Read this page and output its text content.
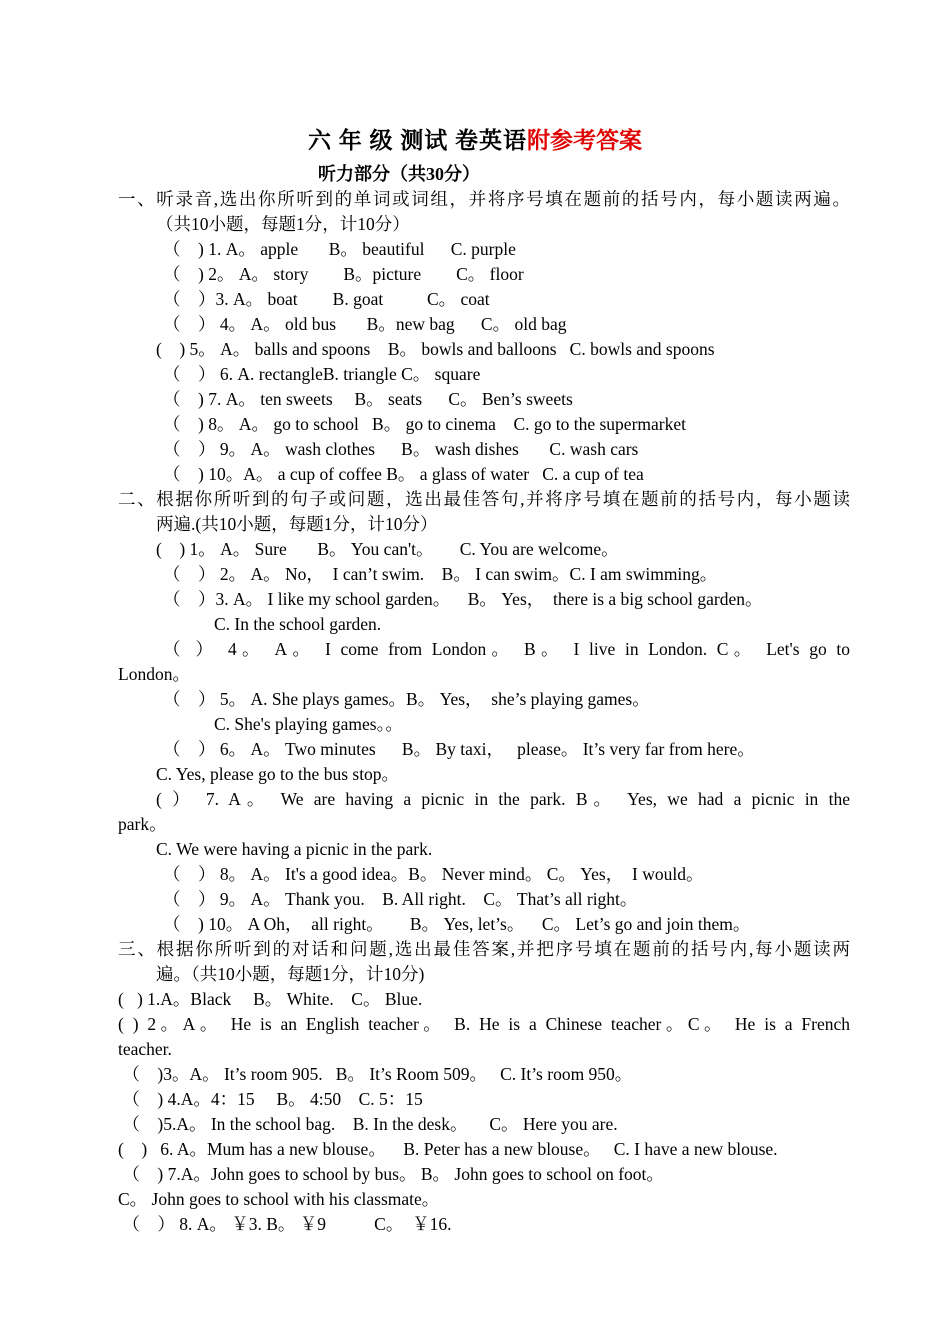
六 年 级 测试 卷英语附参考答案
听力部分（共30分）
一、听录音,选出你所听到的单词或词组，并将序号填在题前的括号内，每小题读两遍。
（共10小题，每题1分，计10分）
（    ) 1. A。 apple       B。 beautiful      C. purple
（    ) 2。 A。 story        B。picture        C。 floor
（    ）3. A。 boat        B. goat          C。 coat
（    ） 4。 A。 old bus       B。new bag      C。 old bag
(    ) 5。 A。 balls and spoons    B。 bowls and balloons   C. bowls and spoons
（    ） 6. A. rectangleB. triangle C。 square
（    ) 7. A。 ten sweets     B。 seats      C。 Ben’s sweets
（    ) 8。 A。 go to school   B。 go to cinema    C. go to the supermarket
（    ） 9。 A。 wash clothes      B。 wash dishes       C. wash cars
（    ) 10。A。 a cup of coffee B。 a glass of water   C. a cup of tea
二、根据你所听到的句子或问题，选出最佳答句,并将序号填在题前的括号内，每小题读
两遍.(共10小题，每题1分，计10分）
(    ) 1。 A。 Sure       B。 You can't。      C. You are welcome。
（    ） 2。 A。 No，  I can’t swim.    B。 I can swim。C. I am swimming。
（    ）3. A。 I like my school garden。    B。 Yes，  there is a big school garden。
C. In the school garden.
（ ） 4。 A。 I come from London。 B。 I live in London. C。 Let's go to
London。
（    ） 5。 A. She plays games。B。 Yes，  she’s playing games。
C. She's playing games。。
（    ） 6。 A。 Two minutes      B。 By taxi，   please。 It’s very far from here。
C. Yes, please go to the bus stop。
( ） 7. A。 We are having a picnic in the park. B。 Yes, we had a picnic in the
park。
C. We were having a picnic in the park.
（    ） 8。 A。 It's a good idea。B。 Never mind。 C。 Yes，  I would。
（    ） 9。 A。 Thank you.    B. All right.    C。 That’s all right。
（    ) 10。 A Oh，  all right。      B。 Yes, let’s。    C。 Let’s go and join them。
三、根据你所听到的对话和问题,选出最佳答案,并把序号填在题前的括号内,每小题读两
遍。（共10小题，每题1分，计10分)
(   ) 1.A。Black     B。 White.    C。 Blue.
( ) 2。A。 He is an English teacher。 B. He is a Chinese teacher。C。 He is a French
teacher.
（    )3。A。 It’s room 905.   B。 It’s Room 509。   C. It’s room 950。
（    ) 4.A。4：15     B。 4:50    C. 5：15
（    )5.A。 In the school bag.    B. In the desk。     C。 Here you are.
(    )   6. A。Mum has a new blouse。    B. Peter has a new blouse。   C. I have a new blouse.
（    ) 7.A。John goes to school by bus。 B。 John goes to school on foot。
C。 John goes to school with his classmate。
（    ） 8. A。 ￥3. B。 ￥9           C。  ￥16.
